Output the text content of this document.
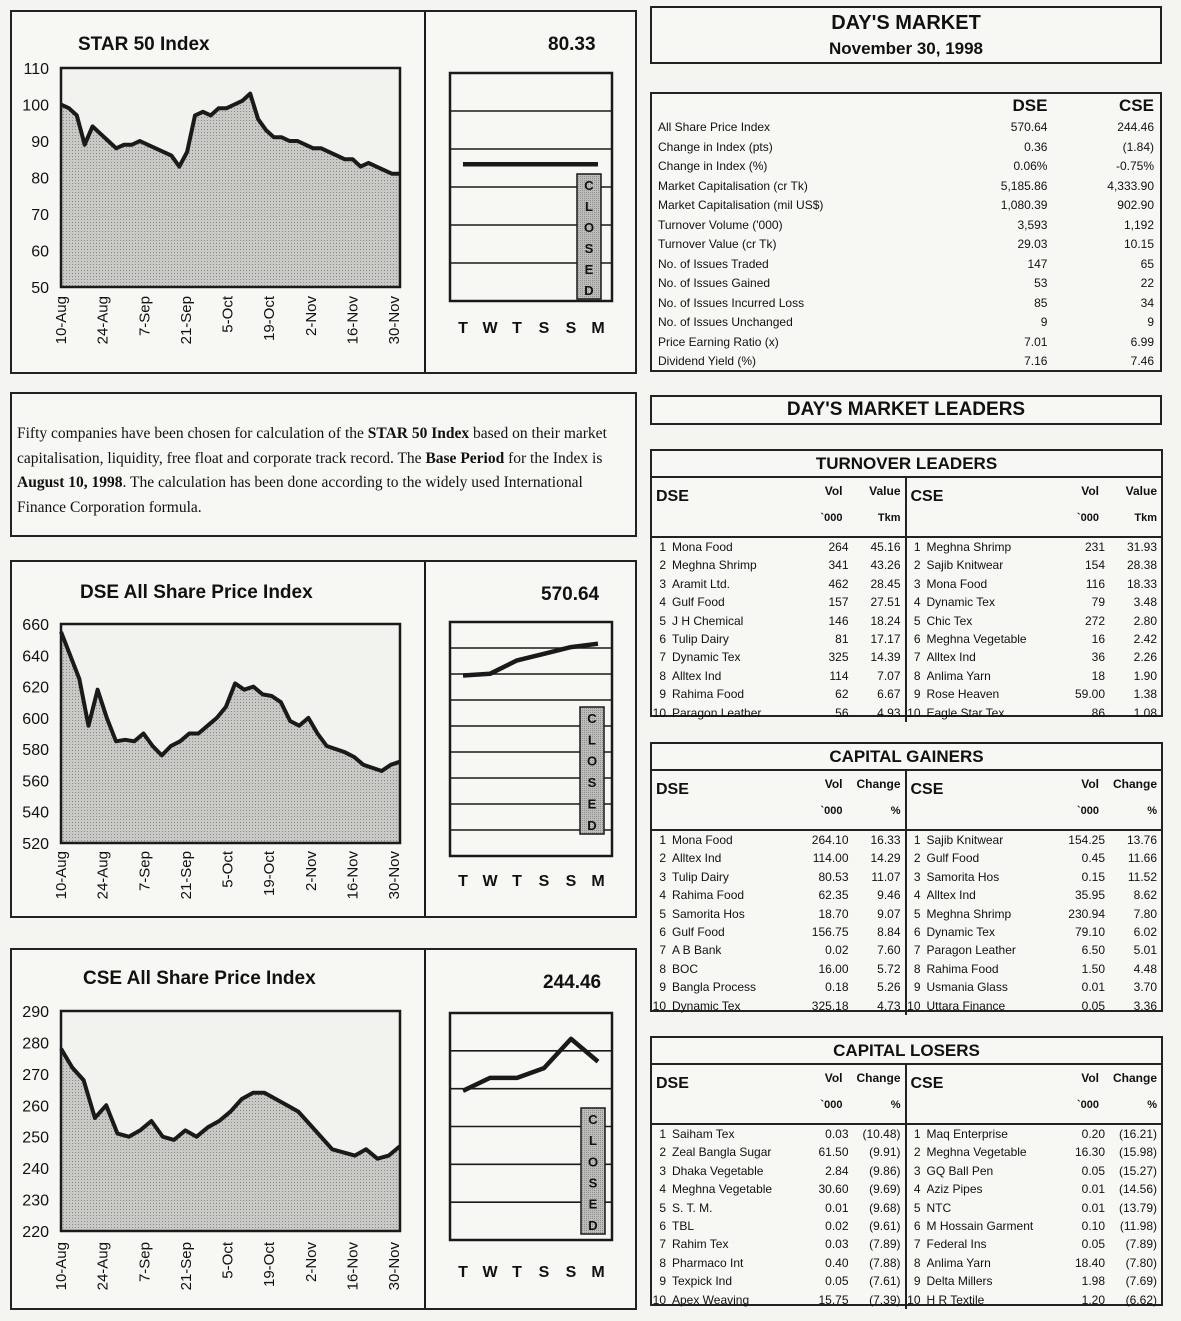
50
60
70
80
90
100
110
10-Aug 24-Aug 7-Sep 21-Sep 5-Oct 19-Oct 2-Nov 16-Nov 30-Nov
C L O S E D
T W T S S M
520
540
560
580
600
620
640
660
10-Aug 24-Aug 7-Sep 21-Sep 5-Oct 19-Oct 2-Nov 16-Nov 30-Nov
C L O S E D
T W T S S M
220
230
240
250
260
270
280
290
10-Aug 24-Aug 7-Sep 21-Sep 5-Oct 19-Oct 2-Nov 16-Nov 30-Nov
C L O S E D
T W T S S M
STAR 50 Index	80.33
DSE All Share Price Index	570.64
CSE All Share Price Index	244.46
Fifty companies have been chosen for calculation of the STAR 50 Index based on their market capitalisation, liquidity, free float and corporate track record. The Base Period for the Index is August 10, 1998. The calculation has been done according to the widely used International Finance Corporation formula.
DAY'S MARKET
November 30, 1998
	DSE	CSE
All Share Price Index	570.64	244.46
Change in Index (pts)	0.36	(1.84)
Change in Index (%)	0.06%	-0.75%
Market Capitalisation (cr Tk)	5,185.86	4,333.90
Market Capitalisation (mil US$)	1,080.39	902.90
Turnover Volume ('000)	3,593	1,192
Turnover Value (cr Tk)	29.03	10.15
No. of Issues Traded	147	65
No. of Issues Gained	53	22
No. of Issues Incurred Loss	85	34
No. of Issues Unchanged	9	9
Price Earning Ratio (x)	7.01	6.99
Dividend Yield (%)	7.16	7.46
DAY'S MARKET LEADERS
TURNOVER LEADERS
DSE	Vol
`000
Value
Tkm
1 Mona Food	264	45.16
2 Meghna Shrimp	341	43.26
3 Aramit Ltd.	462	28.45
4 Gulf Food	157	27.51
5 J H Chemical	146	18.24
6 Tulip Dairy	81	17.17
7 Dynamic Tex	325	14.39
8 Alltex Ind	114	7.07
9 Rahima Food	62	6.67
10 Paragon Leather	56	4.93
CSE	Vol
`000
Value
Tkm
1 Meghna Shrimp	231	31.93
2 Sajib Knitwear	154	28.38
3 Mona Food	116	18.33
4 Dynamic Tex	79	3.48
5 Chic Tex	272	2.80
6 Meghna Vegetable	16	2.42
7 Alltex Ind	36	2.26
8 Anlima Yarn	18	1.90
9 Rose Heaven	59.00	1.38
10 Eagle Star Tex	86	1.08
CAPITAL GAINERS
DSE	Vol
`000
Change
%
1 Mona Food	264.10	16.33
2 Alltex Ind	114.00	14.29
3 Tulip Dairy	80.53	11.07
4 Rahima Food	62.35	9.46
5 Samorita Hos	18.70	9.07
6 Gulf Food	156.75	8.84
7 A B Bank	0.02	7.60
8 BOC	16.00	5.72
9 Bangla Process	0.18	5.26
10 Dynamic Tex	325.18	4.73
CSE	Vol
`000
Change
%
1 Sajib Knitwear	154.25	13.76
2 Gulf Food	0.45	11.66
3 Samorita Hos	0.15	11.52
4 Alltex Ind	35.95	8.62
5 Meghna Shrimp	230.94	7.80
6 Dynamic Tex	79.10	6.02
7 Paragon Leather	6.50	5.01
8 Rahima Food	1.50	4.48
9 Usmania Glass	0.01	3.70
10 Uttara Finance	0.05	3.36
CAPITAL LOSERS
DSE	Vol
`000
Change
%
1 Saiham Tex	0.03	(10.48)
2 Zeal Bangla Sugar	61.50	(9.91)
3 Dhaka Vegetable	2.84	(9.86)
4 Meghna Vegetable	30.60	(9.69)
5 S. T. M.	0.01	(9.68)
6 TBL	0.02	(9.61)
7 Rahim Tex	0.03	(7.89)
8 Pharmaco Int	0.40	(7.88)
9 Texpick Ind	0.05	(7.61)
10 Apex Weaving	15.75	(7.39)
CSE	Vol
`000
Change
%
1 Maq Enterprise	0.20	(16.21)
2 Meghna Vegetable	16.30	(15.98)
3 GQ Ball Pen	0.05	(15.27)
4 Aziz Pipes	0.01	(14.56)
5 NTC	0.01	(13.79)
6 M Hossain Garment	0.10	(11.98)
7 Federal Ins	0.05	(7.89)
8 Anlima Yarn	18.40	(7.80)
9 Delta Millers	1.98	(7.69)
10 H R Textile	1.20	(6.62)
